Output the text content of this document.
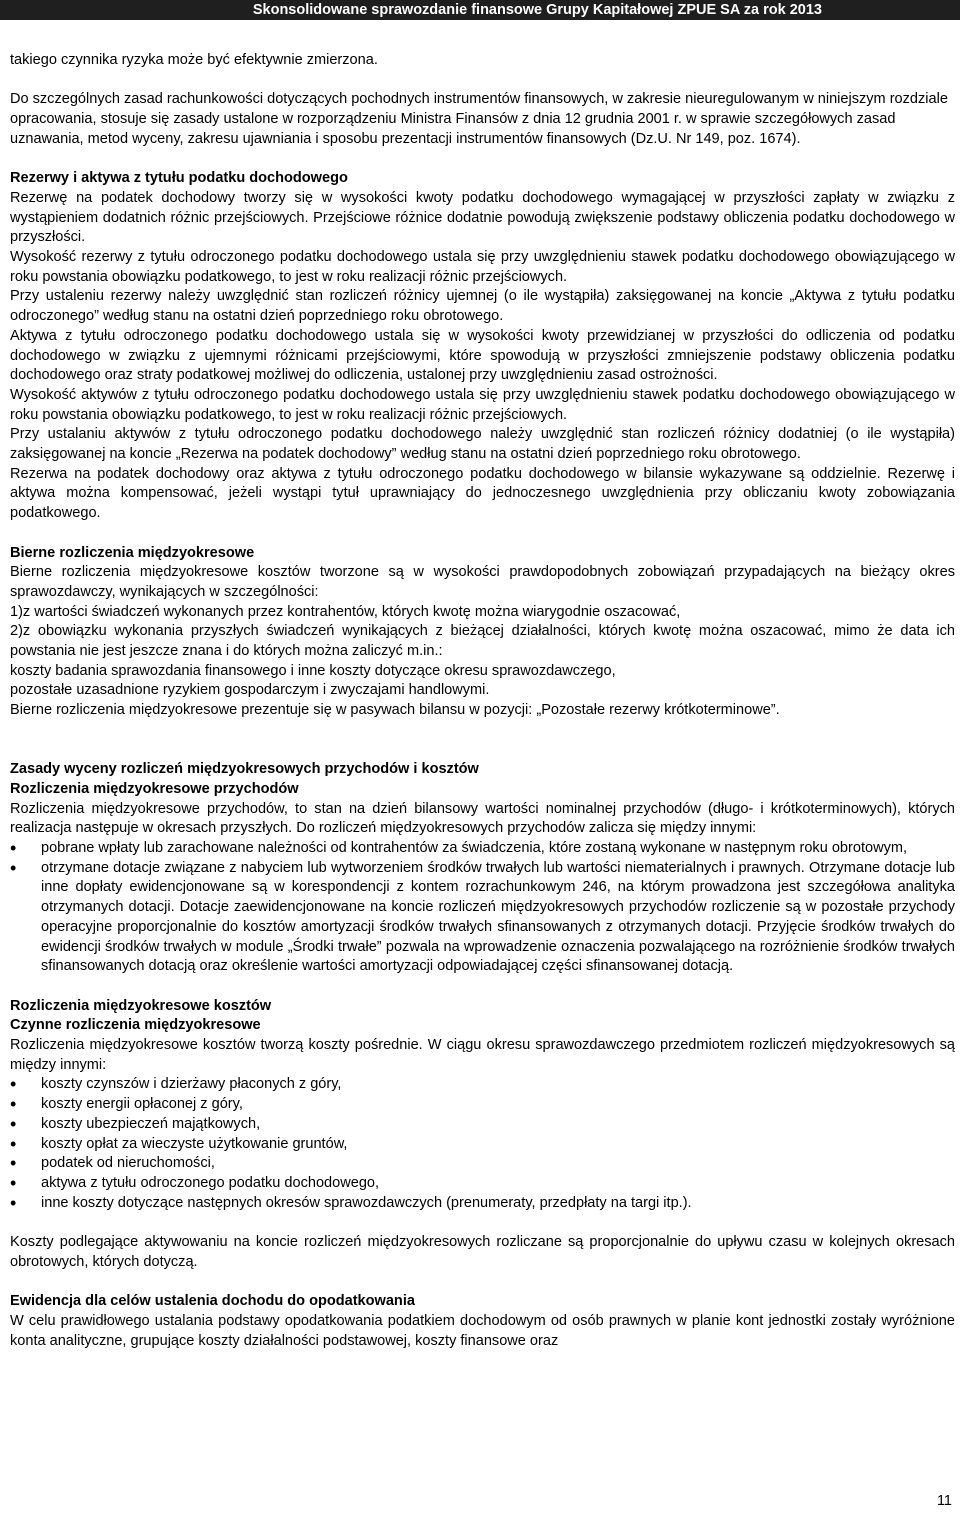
Skonsolidowane sprawozdanie finansowe Grupy Kapitałowej ZPUE SA za rok 2013

takiego czynnika ryzyka może być efektywnie zmierzona.

Do szczególnych zasad rachunkowości dotyczących pochodnych instrumentów finansowych, w zakresie nieuregulowanym w niniejszym rozdziale opracowania, stosuje się zasady ustalone w rozporządzeniu Ministra Finansów z dnia 12 grudnia 2001 r. w sprawie szczegółowych zasad uznawania, metod wyceny, zakresu ujawniania i sposobu prezentacji instrumentów finansowych (Dz.U. Nr 149, poz. 1674).

Rezerwy i aktywa z tytułu podatku dochodowego

Rezerwę na podatek dochodowy tworzy się w wysokości kwoty podatku dochodowego wymagającej w przyszłości zapłaty w związku z wystąpieniem dodatnich różnic przejściowych. Przejściowe różnice dodatnie powodują zwiększenie podstawy obliczenia podatku dochodowego w przyszłości.

Wysokość rezerwy z tytułu odroczonego podatku dochodowego ustala się przy uwzględnieniu stawek podatku dochodowego obowiązującego w roku powstania obowiązku podatkowego, to jest w roku realizacji różnic przejściowych.

Przy ustaleniu rezerwy należy uwzględnić stan rozliczeń różnicy ujemnej (o ile wystąpiła) zaksięgowanej na koncie „Aktywa z tytułu podatku odroczonego” według stanu na ostatni dzień poprzedniego roku obrotowego.

Aktywa z tytułu odroczonego podatku dochodowego ustala się w wysokości kwoty przewidzianej w przyszłości do odliczenia od podatku dochodowego w związku z ujemnymi różnicami przejściowymi, które spowodują w przyszłości zmniejszenie podstawy obliczenia podatku dochodowego oraz straty podatkowej możliwej do odliczenia, ustalonej przy uwzględnieniu zasad ostrożności.

Wysokość aktywów z tytułu odroczonego podatku dochodowego ustala się przy uwzględnieniu stawek podatku dochodowego obowiązującego w roku powstania obowiązku podatkowego, to jest w roku realizacji różnic przejściowych.

Przy ustalaniu aktywów z tytułu odroczonego podatku dochodowego należy uwzględnić stan rozliczeń różnicy dodatniej (o ile wystąpiła) zaksięgowanej na koncie „Rezerwa na podatek dochodowy” według stanu na ostatni dzień poprzedniego roku obrotowego.

Rezerwa na podatek dochodowy oraz aktywa z tytułu odroczonego podatku dochodowego w bilansie wykazywane są oddzielnie. Rezerwę i aktywa można kompensować, jeżeli wystąpi tytuł uprawniający do jednoczesnego uwzględnienia przy obliczaniu kwoty zobowiązania podatkowego.

Bierne rozliczenia międzyokresowe

Bierne rozliczenia międzyokresowe kosztów tworzone są w wysokości prawdopodobnych zobowiązań przypadających na bieżący okres sprawozdawczy, wynikających w szczególności:

1)z wartości świadczeń wykonanych przez kontrahentów, których kwotę można wiarygodnie oszacować,

2)z obowiązku wykonania przyszłych świadczeń wynikających z bieżącej działalności, których kwotę można oszacować, mimo że data ich powstania nie jest jeszcze znana i do których można zaliczyć m.in.:

koszty badania sprawozdania finansowego i inne koszty dotyczące okresu sprawozdawczego,

pozostałe uzasadnione ryzykiem gospodarczym i zwyczajami handlowymi.

Bierne rozliczenia międzyokresowe prezentuje się w pasywach bilansu w pozycji: „Pozostałe rezerwy krótkoterminowe”.

Zasady wyceny rozliczeń międzyokresowych przychodów i kosztów

Rozliczenia międzyokresowe przychodów

Rozliczenia międzyokresowe przychodów, to stan na dzień bilansowy wartości nominalnej przychodów (długo- i krótkoterminowych), których realizacja następuje w okresach przyszłych. Do rozliczeń międzyokresowych przychodów zalicza się między innymi:

• pobrane wpłaty lub zarachowane należności od kontrahentów za świadczenia, które zostaną wykonane w następnym roku obrotowym,
• otrzymane dotacje związane z nabyciem lub wytworzeniem środków trwałych lub wartości niematerialnych i prawnych. Otrzymane dotacje lub inne dopłaty ewidencjonowane są w korespondencji z kontem rozrachunkowym 246, na którym prowadzona jest szczegółowa analityka otrzymanych dotacji. Dotacje zaewidencjonowane na koncie rozliczeń międzyokresowych przychodów rozliczenie są w pozostałe przychody operacyjne proporcjonalnie do kosztów amortyzacji środków trwałych sfinansowanych z otrzymanych dotacji. Przyjęcie środków trwałych do ewidencji środków trwałych w module „Środki trwałe” pozwala na wprowadzenie oznaczenia pozwalającego na rozróżnienie środków trwałych sfinansowanych dotacją oraz określenie wartości amortyzacji odpowiadającej części sfinansowanej dotacją.

Rozliczenia międzyokresowe kosztów

Czynne rozliczenia międzyokresowe

Rozliczenia międzyokresowe kosztów tworzą koszty pośrednie. W ciągu okresu sprawozdawczego przedmiotem rozliczeń międzyokresowych są między innymi:

• koszty czynszów i dzierżawy płaconych z góry,
• koszty energii opłaconej z góry,
• koszty ubezpieczeń majątkowych,
• koszty opłat za wieczyste użytkowanie gruntów,
• podatek od nieruchomości,
• aktywa z tytułu odroczonego podatku dochodowego,
• inne koszty dotyczące następnych okresów sprawozdawczych (prenumeraty, przedpłaty na targi itp.).

Koszty podlegające aktywowaniu na koncie rozliczeń międzyokresowych rozliczane są proporcjonalnie do upływu czasu w kolejnych okresach obrotowych, których dotyczą.

Ewidencja dla celów ustalenia dochodu do opodatkowania

W celu prawidłowego ustalania podstawy opodatkowania podatkiem dochodowym od osób prawnych w planie kont jednostki zostały wyróżnione konta analityczne, grupujące koszty działalności podstawowej, koszty finansowe oraz

11
